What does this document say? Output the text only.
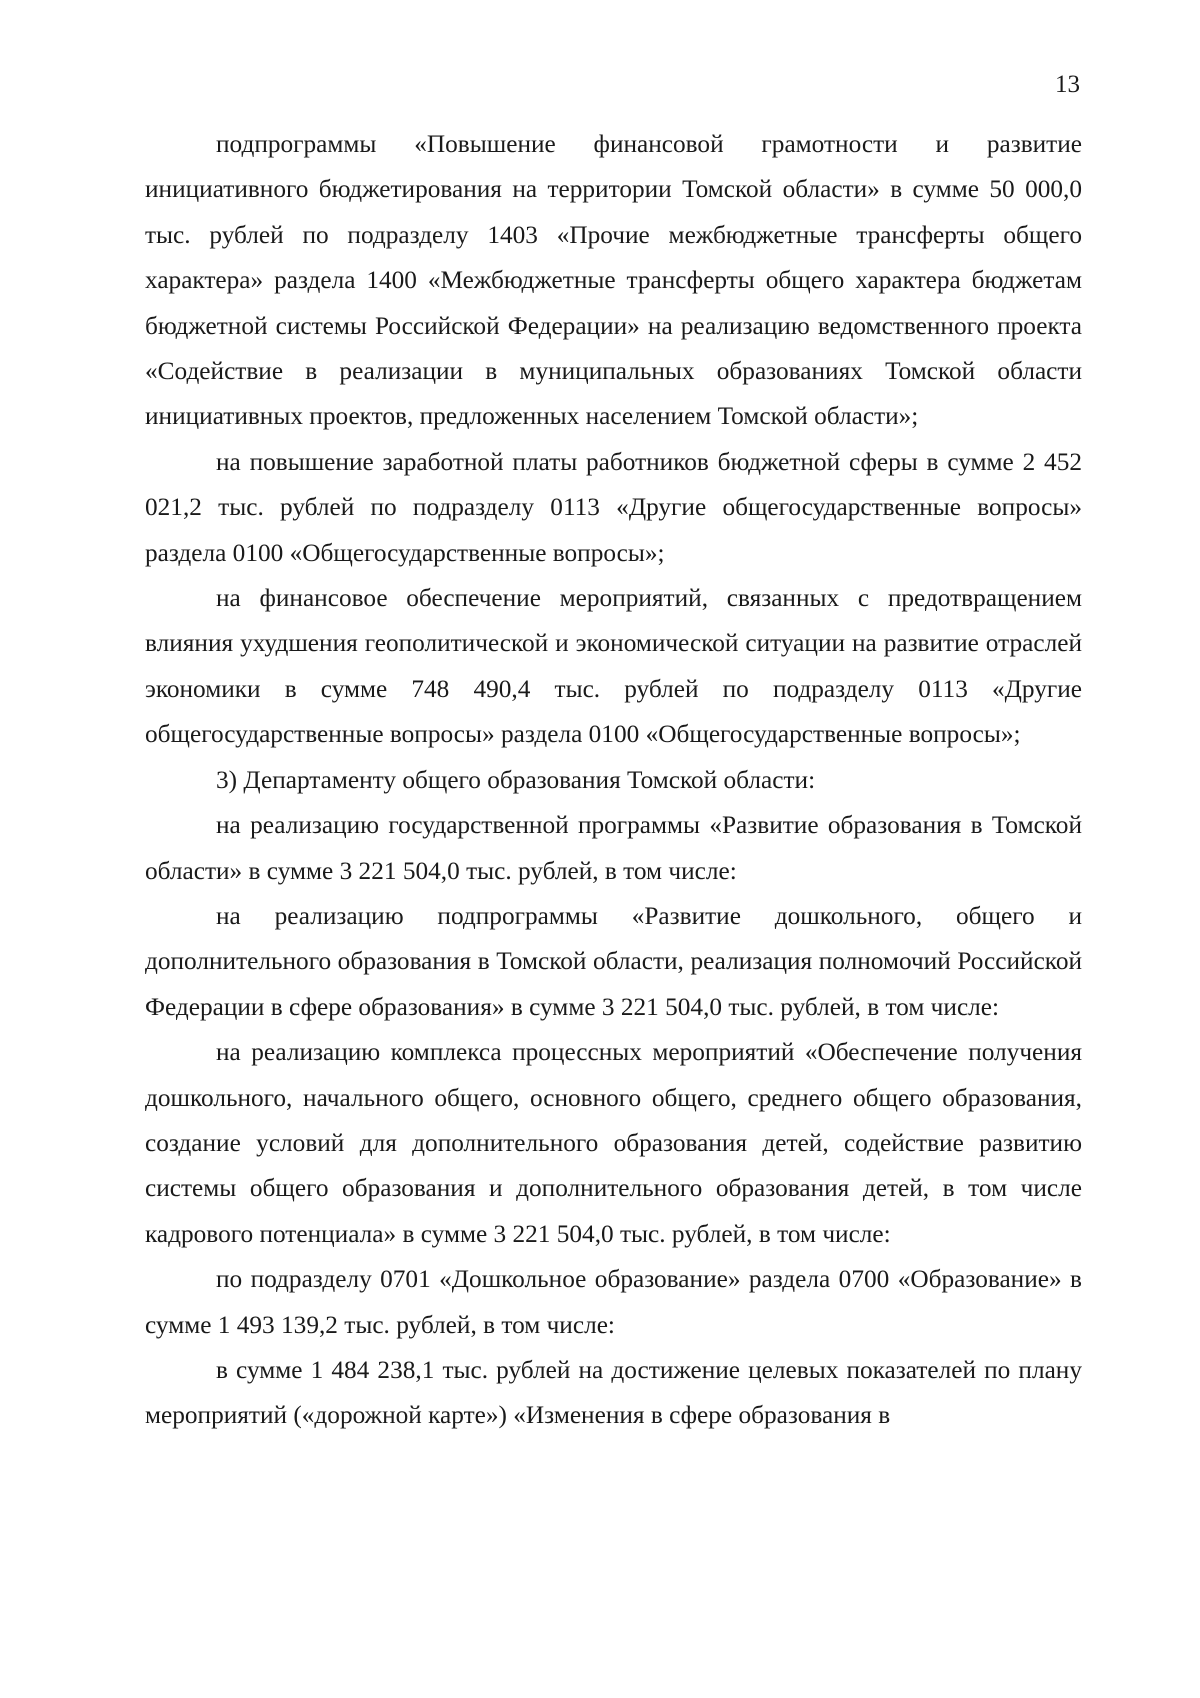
13

подпрограммы «Повышение финансовой грамотности и развитие инициативного бюджетирования на территории Томской области» в сумме 50 000,0 тыс. рублей по подразделу 1403 «Прочие межбюджетные трансферты общего характера» раздела 1400 «Межбюджетные трансферты общего характера бюджетам бюджетной системы Российской Федерации» на реализацию ведомственного проекта «Содействие в реализации в муниципальных образованиях Томской области инициативных проектов, предложенных населением Томской области»;

на повышение заработной платы работников бюджетной сферы в сумме 2 452 021,2 тыс. рублей по подразделу 0113 «Другие общегосударственные вопросы» раздела 0100 «Общегосударственные вопросы»;

на финансовое обеспечение мероприятий, связанных с предотвращением влияния ухудшения геополитической и экономической ситуации на развитие отраслей экономики в сумме 748 490,4 тыс. рублей по подразделу 0113 «Другие общегосударственные вопросы» раздела 0100 «Общегосударственные вопросы»;

3) Департаменту общего образования Томской области:

на реализацию государственной программы «Развитие образования в Томской области» в сумме 3 221 504,0 тыс. рублей, в том числе:

на реализацию подпрограммы «Развитие дошкольного, общего и дополнительного образования в Томской области, реализация полномочий Российской Федерации в сфере образования» в сумме 3 221 504,0 тыс. рублей, в том числе:

на реализацию комплекса процессных мероприятий «Обеспечение получения дошкольного, начального общего, основного общего, среднего общего образования, создание условий для дополнительного образования детей, содействие развитию системы общего образования и дополнительного образования детей, в том числе кадрового потенциала» в сумме 3 221 504,0 тыс. рублей, в том числе:

по подразделу 0701 «Дошкольное образование» раздела 0700 «Образование» в сумме 1 493 139,2 тыс. рублей, в том числе:

в сумме 1 484 238,1 тыс. рублей на достижение целевых показателей по плану мероприятий («дорожной карте») «Изменения в сфере образования в
